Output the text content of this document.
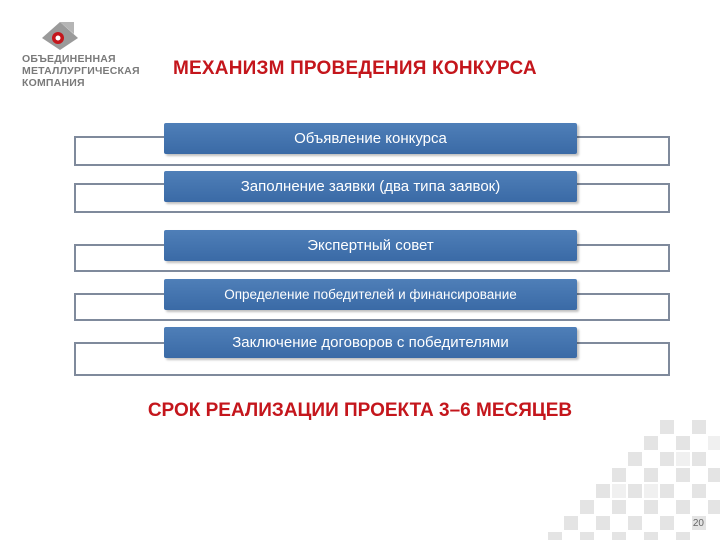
ОБЪЕДИНЕННАЯ
МЕТАЛЛУРГИЧЕСКАЯ
КОМПАНИЯ
МЕХАНИЗМ ПРОВЕДЕНИЯ КОНКУРСА
Объявление конкурса
Заполнение заявки (два типа заявок)
Экспертный совет
Определение победителей и финансирование
Заключение договоров с победителями
СРОК РЕАЛИЗАЦИИ ПРОЕКТА 3–6 МЕСЯЦЕВ
20
